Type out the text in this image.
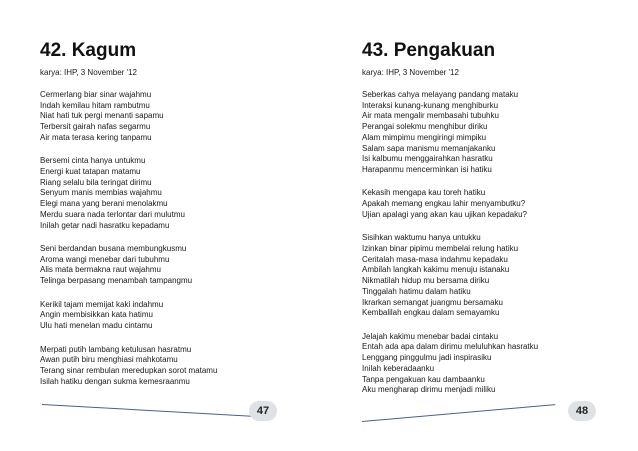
42. Kagum
karya: IHP, 3 November '12
Cermerlang biar sinar wajahmu
Indah kemilau hitam rambutmu
Niat hati tuk pergi menanti sapamu
Terbersit gairah nafas segarmu
Air mata terasa kering tanpamu
Bersemi cinta hanya untukmu
Energi kuat tatapan matamu
Riang selalu bila teringat dirimu
Senyum manis membias wajahmu
Elegi mana yang berani menolakmu
Merdu suara nada terlontar dari mulutmu
Inilah getar nadi hasratku kepadamu
Seni berdandan busana membungkusmu
Aroma wangi menebar dari tubuhmu
Alis mata bermakna raut wajahmu
Telinga berpasang menambah tampangmu
Kerikil tajam memijat kaki indahmu
Angin membisikkan kata hatimu
Ulu hati menelan madu cintamu
Merpati putih lambang ketulusan hasratmu
Awan putih biru menghiasi mahkotamu
Terang sinar rembulan meredupkan sorot matamu
Isilah hatiku dengan sukma kemesraanmu
47
43. Pengakuan
karya: IHP, 3 November '12
Seberkas cahya melayang pandang mataku
Interaksi kunang-kunang menghiburku
Air mata mengalir membasahi tubuhku
Perangai solekmu menghibur diriku
Alam mimpimu mengiringi mimpiku
Salam sapa manismu memanjakanku
Isi kalbumu menggairahkan hasratku
Harapanmu mencerminkan isi hatiku
Kekasih mengapa kau toreh hatiku
Apakah memang engkau lahir menyambutku?
Ujian apalagi yang akan kau ujikan kepadaku?
Sisihkan waktumu hanya untukku
Izinkan binar pipimu membelai relung hatiku
Ceritalah masa-masa indahmu kepadaku
Ambilah langkah kakimu menuju istanaku
Nikmatilah hidup mu bersama diriku
Tinggalah hatimu dalam hatiku
Ikrarkan semangat juangmu bersamaku
Kembalilah engkau dalam semayamku
Jelajah kakimu menebar badai cintaku
Entah ada apa dalam dirimu meluluhkan hasratku
Lenggang pinggulmu jadi inspirasiku
Inilah keberadaanku
Tanpa pengakuan kau dambaanku
Aku mengharap dirimu menjadi miliku
48
